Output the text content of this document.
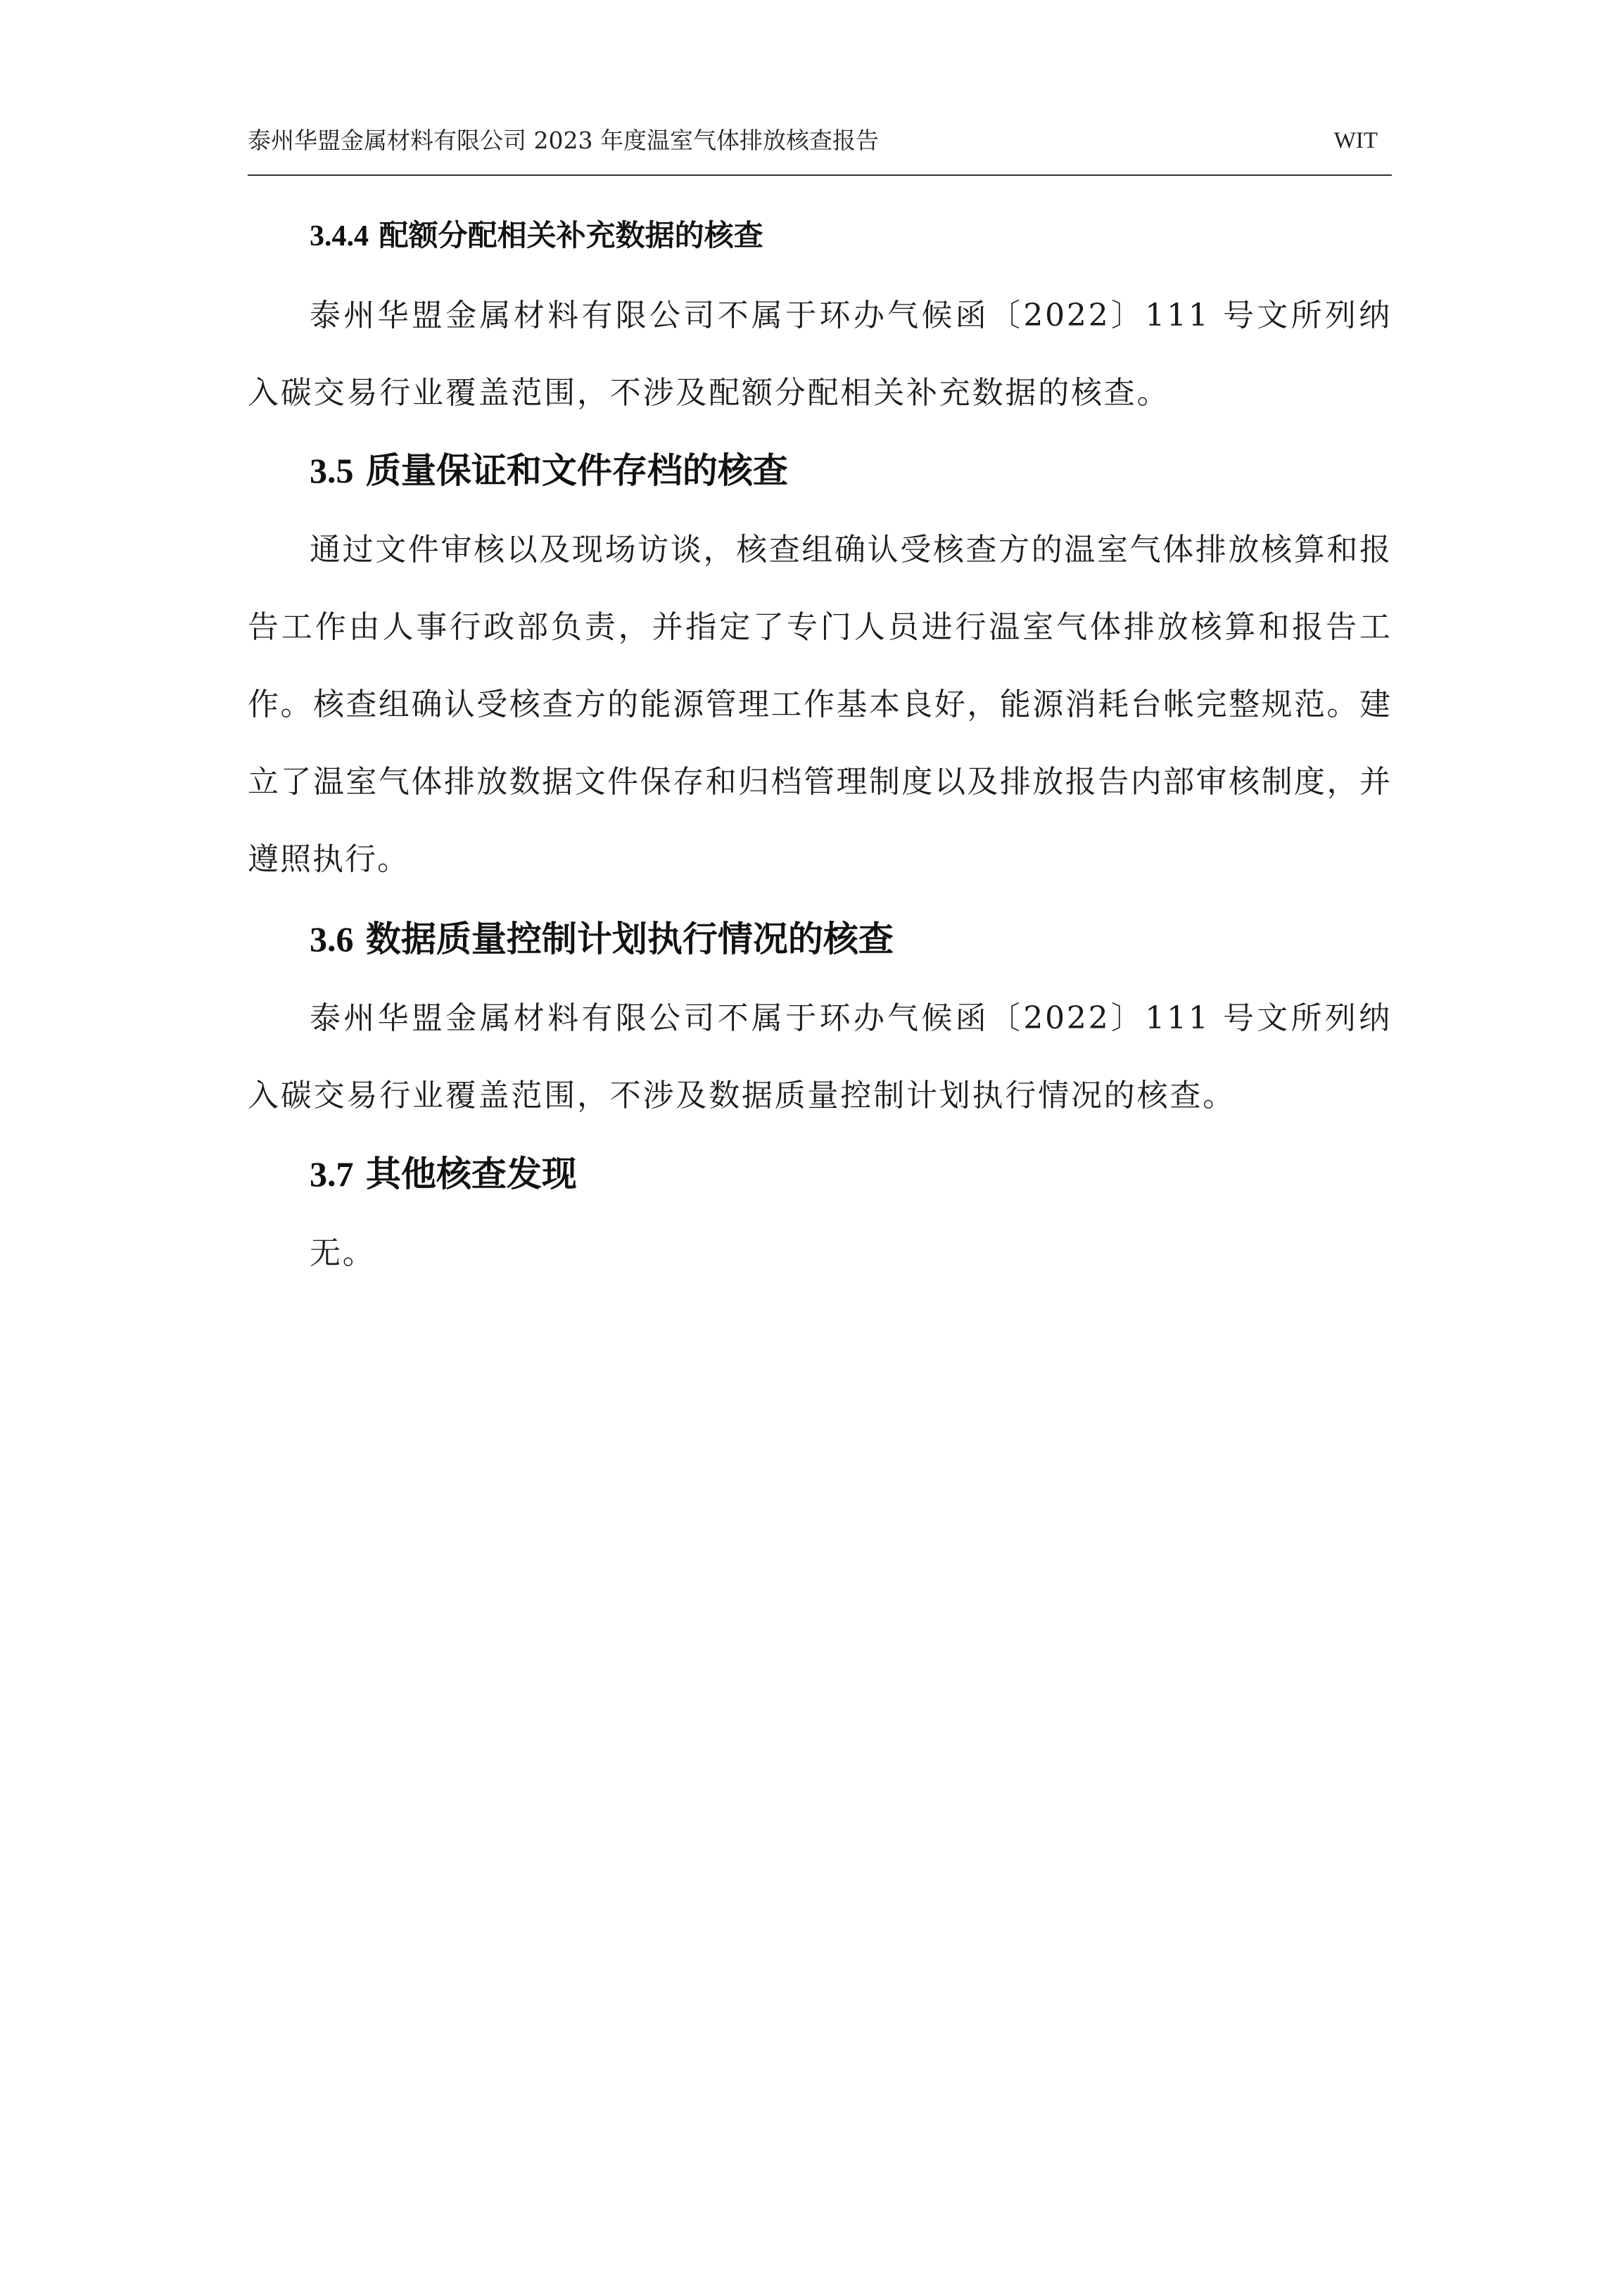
泰州华盟金属材料有限公司 2023 年度温室气体排放核查报告	WIT
3.4.4 配额分配相关补充数据的核查
泰州华盟金属材料有限公司不属于环办气候函〔2022〕111 号文所列纳入碳交易行业覆盖范围，不涉及配额分配相关补充数据的核查。
3.5 质量保证和文件存档的核查
通过文件审核以及现场访谈，核查组确认受核查方的温室气体排放核算和报告工作由人事行政部负责，并指定了专门人员进行温室气体排放核算和报告工作。核查组确认受核查方的能源管理工作基本良好，能源消耗台帐完整规范。建立了温室气体排放数据文件保存和归档管理制度以及排放报告内部审核制度，并遵照执行。
3.6 数据质量控制计划执行情况的核查
泰州华盟金属材料有限公司不属于环办气候函〔2022〕111 号文所列纳入碳交易行业覆盖范围，不涉及数据质量控制计划执行情况的核查。
3.7 其他核查发现
无。
